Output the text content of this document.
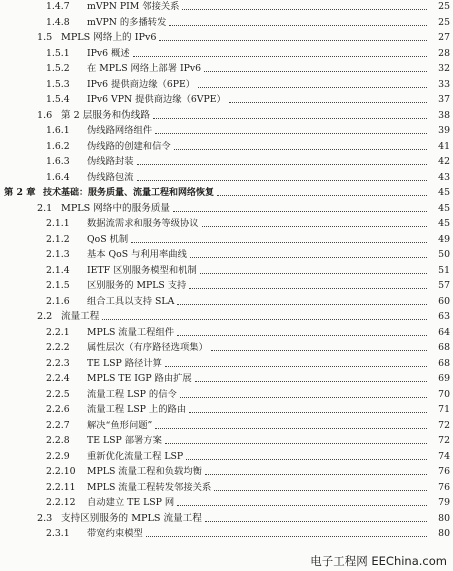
1.4.7	mVPN PIM 邻接关系	25
1.4.8	mVPN 的多播转发	25
1.5 MPLS 网络上的 IPv6	27
1.5.1	IPv6 概述	28
1.5.2	在 MPLS 网络上部署 IPv6	32
1.5.3	IPv6 提供商边缘（6PE）	33
1.5.4	IPv6 VPN 提供商边缘（6VPE）	37
1.6 第 2 层服务和伪线路	38
1.6.1	伪线路网络组件	39
1.6.2	伪线路的创建和信令	41
1.6.3	伪线路封装	42
1.6.4	伪线路包流	43
第 2 章 技术基础：服务质量、流量工程和网络恢复	45
2.1 MPLS 网络中的服务质量	45
2.1.1	数据流需求和服务等级协议	45
2.1.2	QoS 机制	49
2.1.3	基本 QoS 与利用率曲线	50
2.1.4	IETF 区别服务模型和机制	51
2.1.5	区别服务的 MPLS 支持	57
2.1.6	组合工具以支持 SLA	60
2.2 流量工程	63
2.2.1	MPLS 流量工程组件	64
2.2.2	属性层次（有序路径选项集）	68
2.2.3	TE LSP 路径计算	68
2.2.4	MPLS TE IGP 路由扩展	69
2.2.5	流量工程 LSP 的信令	70
2.2.6	流量工程 LSP 上的路由	71
2.2.7	解决“鱼形问题”	72
2.2.8	TE LSP 部署方案	72
2.2.9	重新优化流量工程 LSP	74
2.2.10	MPLS 流量工程和负载均衡	76
2.2.11	MPLS 流量工程转发邻接关系	76
2.2.12	自动建立 TE LSP 网	79
2.3 支持区别服务的 MPLS 流量工程	80
2.3.1	带宽约束模型	80
电子工程网 EEChina.com
